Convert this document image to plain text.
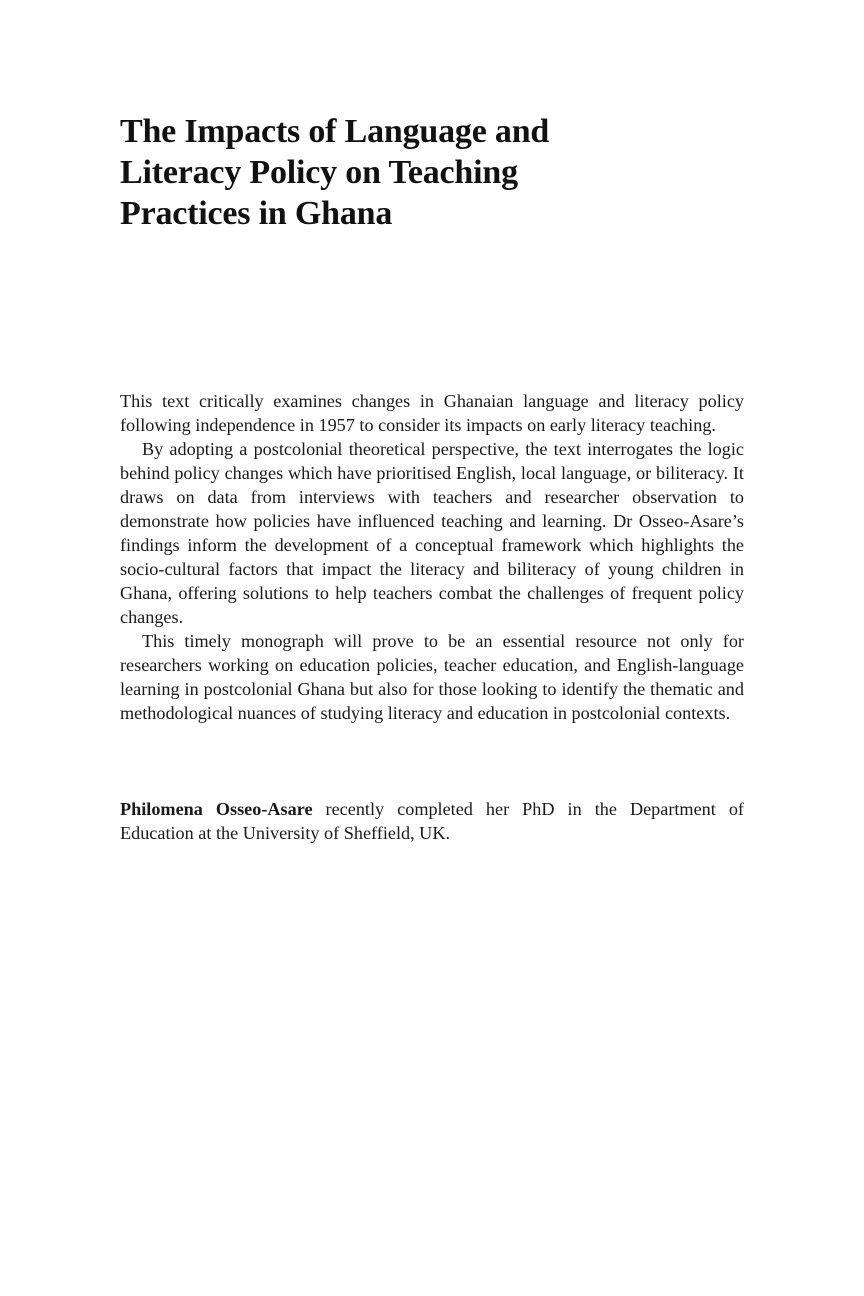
The Impacts of Language and
Literacy Policy on Teaching
Practices in Ghana

This text critically examines changes in Ghanaian language and literacy policy following independence in 1957 to consider its impacts on early literacy teaching.

By adopting a postcolonial theoretical perspective, the text interrogates the logic behind policy changes which have prioritised English, local language, or biliteracy. It draws on data from interviews with teachers and researcher observation to demonstrate how policies have influenced teaching and learning. Dr Osseo-Asare’s findings inform the development of a conceptual framework which highlights the socio-cultural factors that impact the literacy and biliteracy of young children in Ghana, offering solutions to help teachers combat the challenges of frequent policy changes.

This timely monograph will prove to be an essential resource not only for researchers working on education policies, teacher education, and English-language learning in postcolonial Ghana but also for those looking to identify the thematic and methodological nuances of studying literacy and education in postcolonial contexts.

Philomena Osseo-Asare recently completed her PhD in the Department of Education at the University of Sheffield, UK.
